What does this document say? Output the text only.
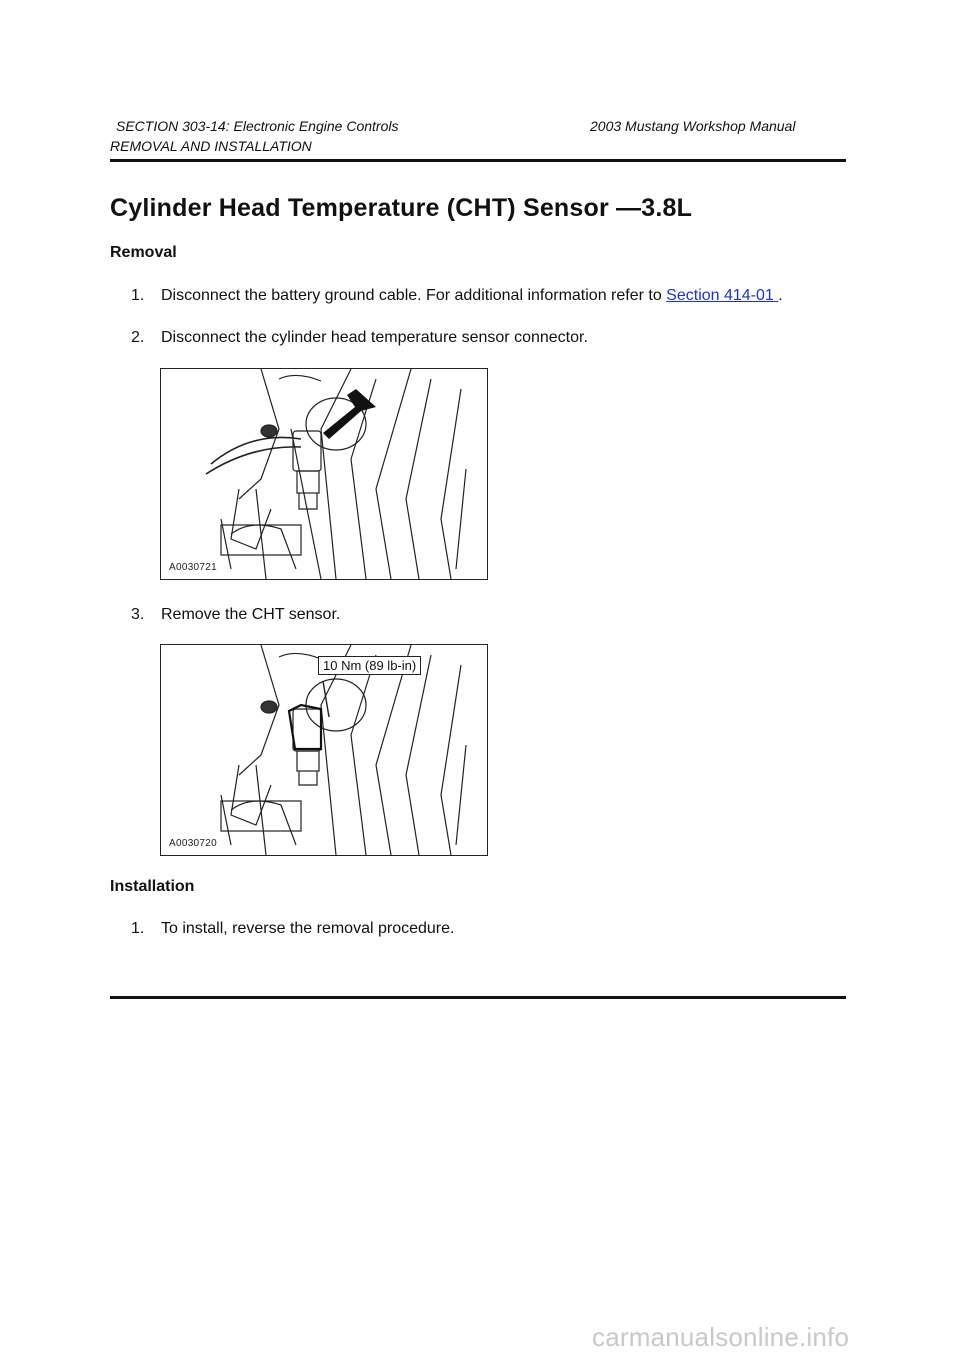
SECTION 303-14: Electronic Engine Controls
REMOVAL AND INSTALLATION
2003 Mustang Workshop Manual
Cylinder Head Temperature (CHT) Sensor —3.8L
Removal
1. Disconnect the battery ground cable. For additional information refer to Section 414-01 .
2. Disconnect the cylinder head temperature sensor connector.
A0030721
3. Remove the CHT sensor.
10 Nm (89 lb-in)
A0030720
Installation
1. To install, reverse the removal procedure.
carmanualsonline.info
